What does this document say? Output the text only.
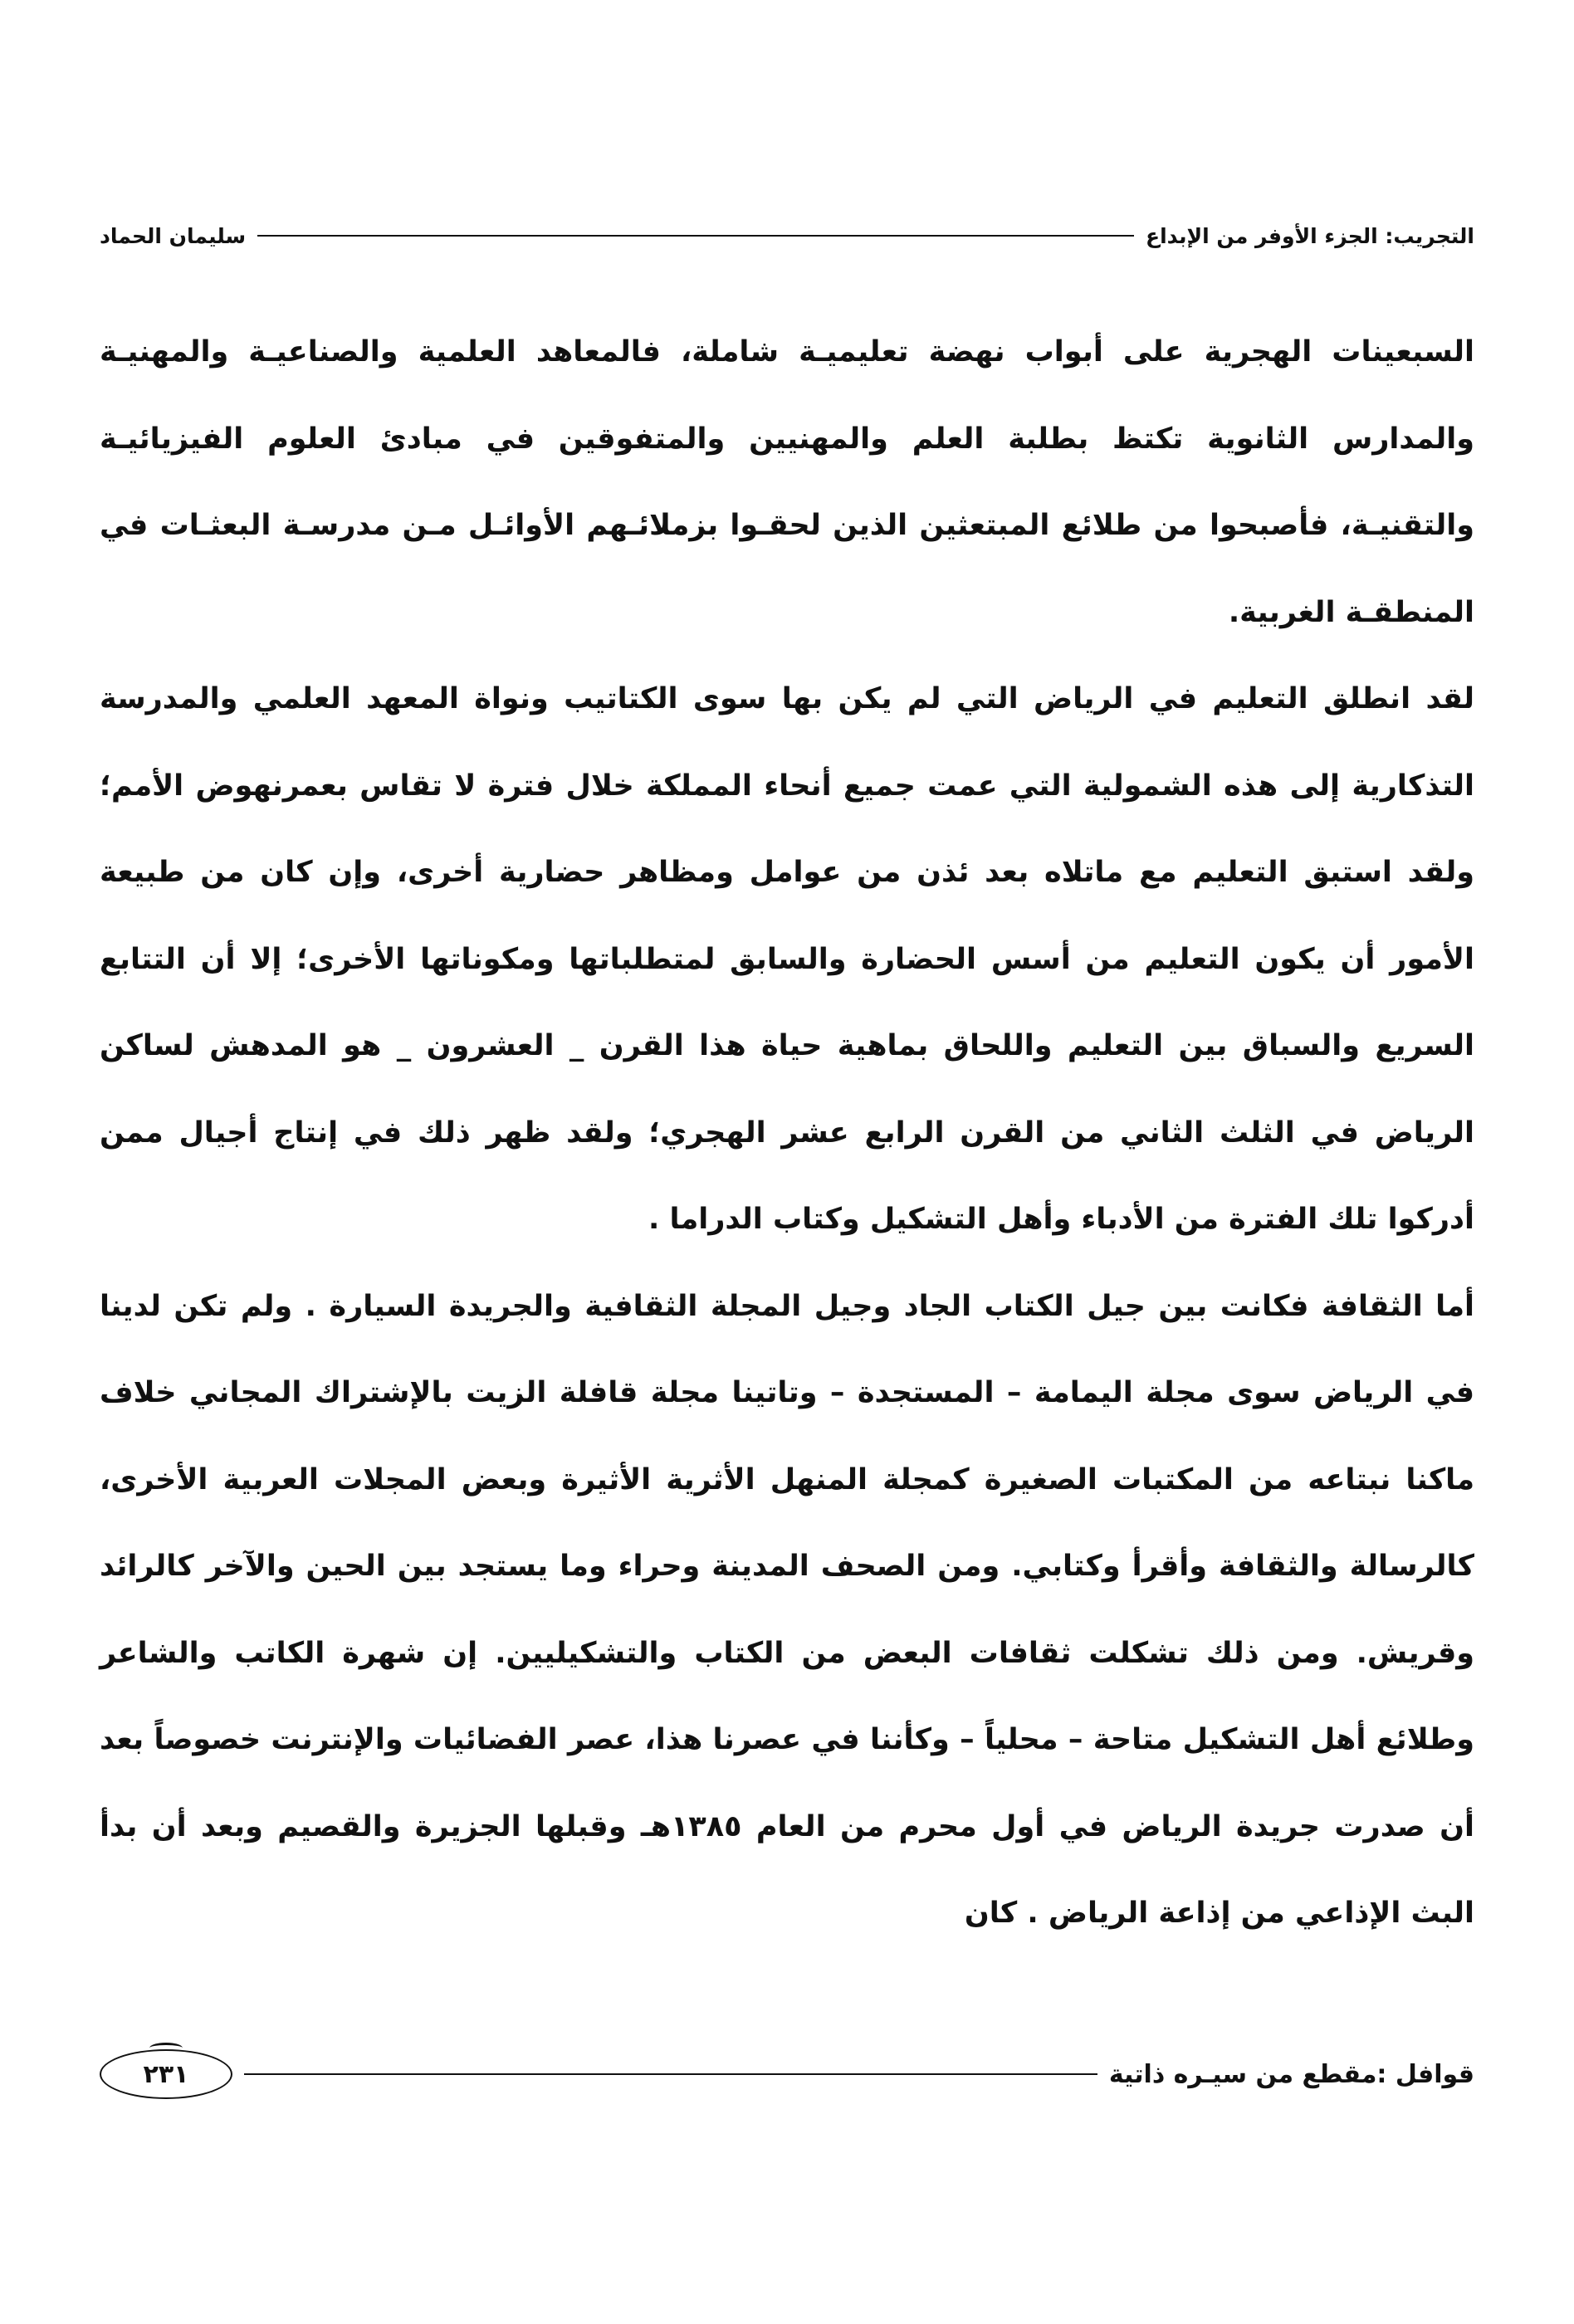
التجريب: الجزء الأوفر من الإبداع
سليمان الحماد

السبعينات الهجرية على أبواب نهضة تعليميـة شاملة، فالمعاهد العلمية والصناعيـة والمهنيـة والمدارس الثانوية تكتظ بطلبة العلم والمهنيين والمتفوقين في مبادئ العلوم الفيزيائيـة والتقنيـة، فأصبحوا من طلائع المبتعثين الذين لحقـوا بزملائـهم الأوائـل مـن مدرسـة البعثـات في المنطقـة الغربية.

لقد انطلق التعليم في الرياض التي لم يكن بها سوى الكتاتيب ونواة المعهد العلمي والمدرسة التذكارية إلى هذه الشمولية التي عمت جميع أنحاء المملكة خلال فترة لا تقاس بعمرنهوض الأمم؛ ولقد استبق التعليم مع ماتلاه بعد ئذن من عوامل ومظاهر حضارية أخرى، وإن كان من طبيعة الأمور أن يكون التعليم من أسس الحضارة والسابق لمتطلباتها ومكوناتها الأخرى؛ إلا أن التتابع السريع والسباق بين التعليم واللحاق بماهية حياة هذا القرن _ العشرون _ هو المدهش لساكن الرياض في الثلث الثاني من القرن الرابع عشر الهجري؛ ولقد ظهر ذلك في إنتاج أجيال ممن أدركوا تلك الفترة من الأدباء وأهل التشكيل وكتاب الدراما .

أما الثقافة فكانت بين جيل الكتاب الجاد وجيل المجلة الثقافية والجريدة السيارة . ولم تكن لدينا في الرياض سوى مجلة اليمامة – المستجدة – وتاتينا مجلة قافلة الزيت بالإشتراك المجاني خلاف ماكنا نبتاعه من المكتبات الصغيرة كمجلة المنهل الأثرية الأثيرة وبعض المجلات العربية الأخرى، كالرسالة والثقافة وأقرأ وكتابي. ومن الصحف المدينة وحراء وما يستجد بين الحين والآخر كالرائد وقريش. ومن ذلك تشكلت ثقافات البعض من الكتاب والتشكيليين. إن شهرة الكاتب والشاعر وطلائع أهل التشكيل متاحة – محلياً – وكأننا في عصرنا هذا، عصر الفضائيات والإنترنت خصوصاً بعد أن صدرت جريدة الرياض في أول محرم من العام ١٣٨٥هـ وقبلها الجزيرة والقصيم وبعد أن بدأ البث الإذاعي من إذاعة الرياض . كان

قوافل :مقطع من سيـره ذاتية
٢٣١
